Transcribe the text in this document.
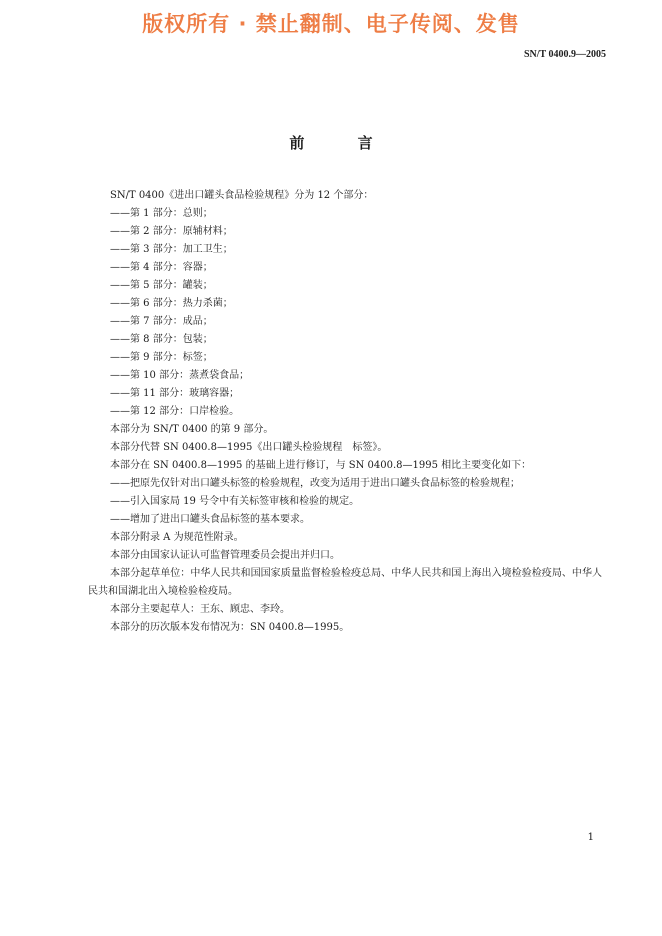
版权所有 · 禁止翻制、电子传阅、发售
SN/T 0400.9—2005
前 言
SN/T 0400《进出口罐头食品检验规程》分为 12 个部分：
——第 1 部分：总则；
——第 2 部分：原辅材料；
——第 3 部分：加工卫生；
——第 4 部分：容器；
——第 5 部分：罐装；
——第 6 部分：热力杀菌；
——第 7 部分：成品；
——第 8 部分：包装；
——第 9 部分：标签；
——第 10 部分：蒸煮袋食品；
——第 11 部分：玻璃容器；
——第 12 部分：口岸检验。
本部分为 SN/T 0400 的第 9 部分。
本部分代替 SN 0400.8—1995《出口罐头检验规程　标签》。
本部分在 SN 0400.8—1995 的基础上进行修订，与 SN 0400.8—1995 相比主要变化如下：
——把原先仅针对出口罐头标签的检验规程，改变为适用于进出口罐头食品标签的检验规程；
——引入国家局 19 号令中有关标签审核和检验的规定。
——增加了进出口罐头食品标签的基本要求。
本部分附录 A 为规范性附录。
本部分由国家认证认可监督管理委员会提出并归口。
本部分起草单位：中华人民共和国国家质量监督检验检疫总局、中华人民共和国上海出入境检验检疫局、中华人民共和国湖北出入境检验检疫局。
本部分主要起草人：王东、顾忠、李玲。
本部分的历次版本发布情况为：SN 0400.8—1995。
1
